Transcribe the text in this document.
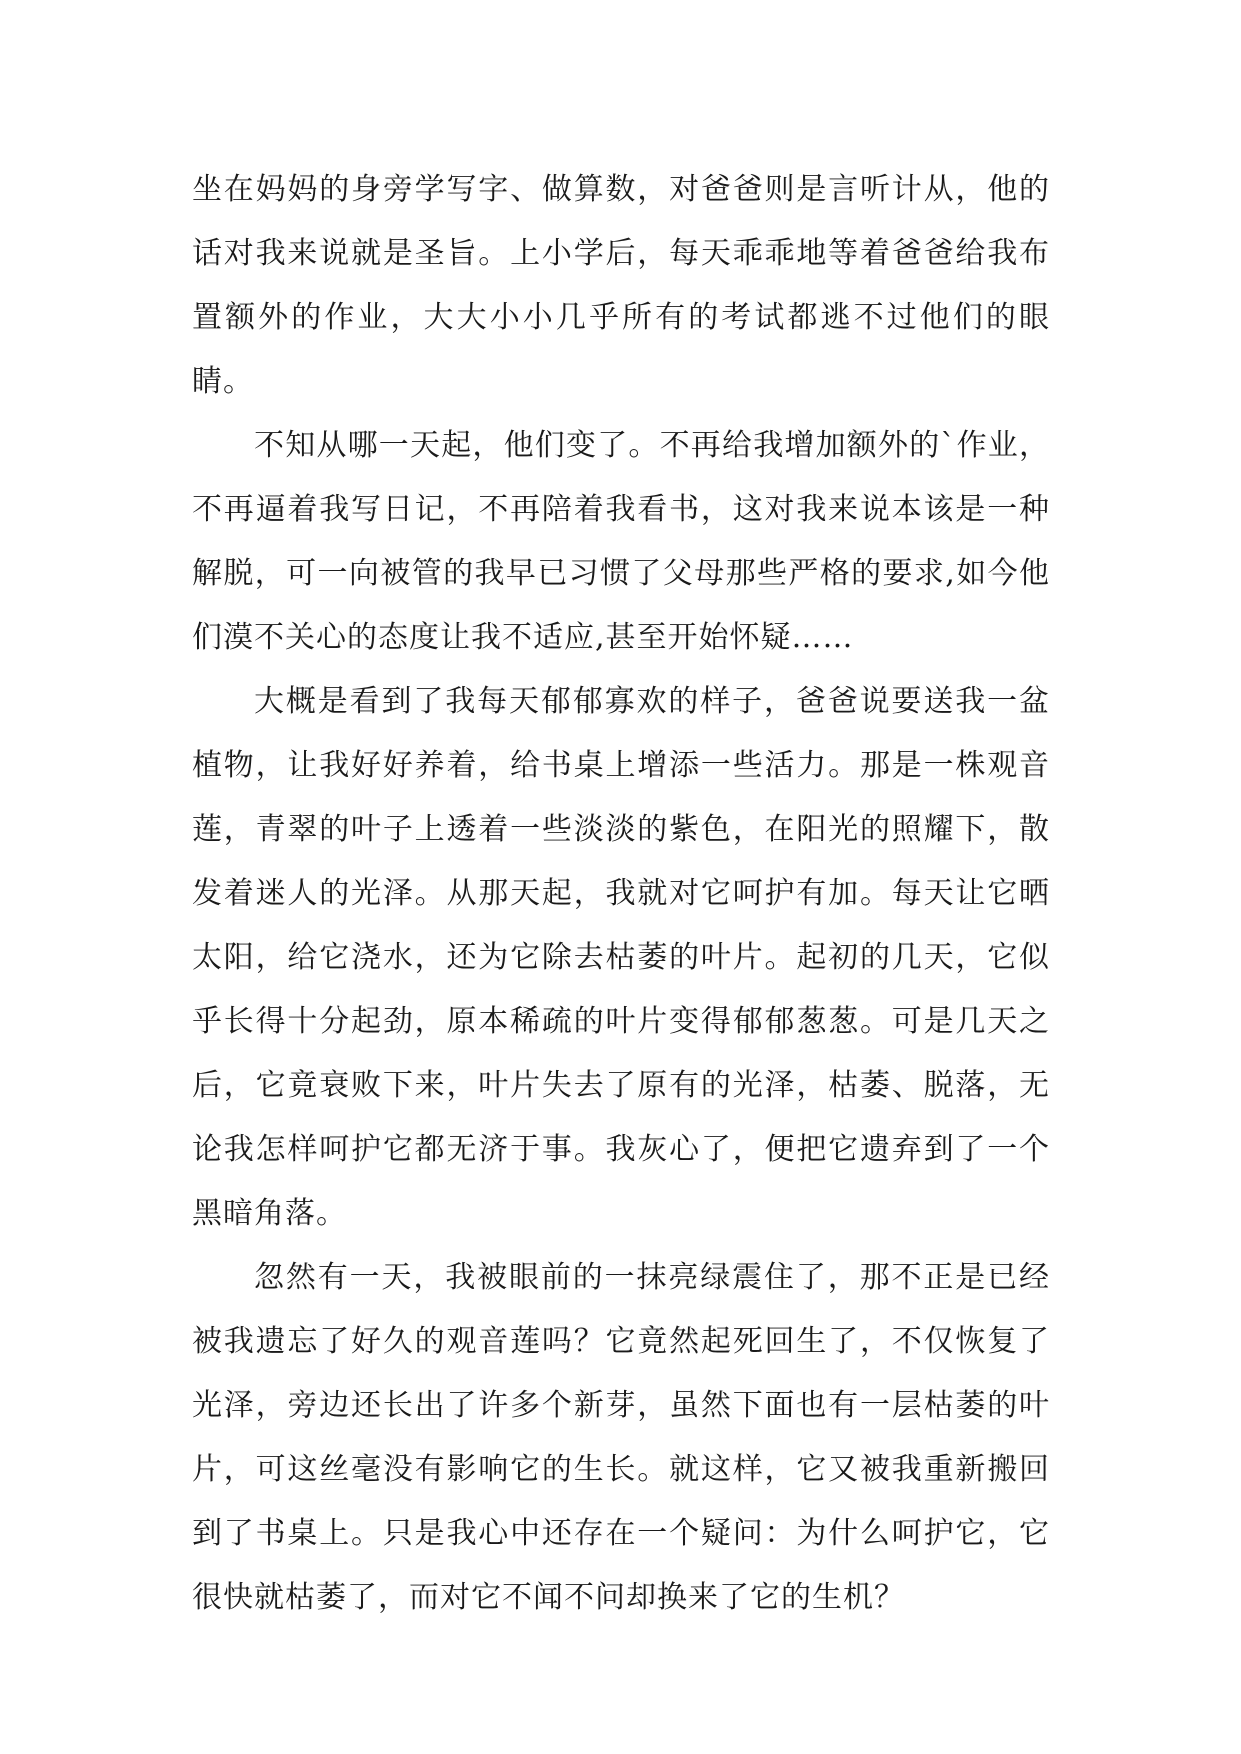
坐在妈妈的身旁学写字、做算数，对爸爸则是言听计从，他的话对我来说就是圣旨。上小学后，每天乖乖地等着爸爸给我布置额外的作业，大大小小几乎所有的考试都逃不过他们的眼睛。

不知从哪一天起，他们变了。不再给我增加额外的`作业，不再逼着我写日记，不再陪着我看书，这对我来说本该是一种解脱，可一向被管的我早已习惯了父母那些严格的要求,如今他们漠不关心的态度让我不适应,甚至开始怀疑……

大概是看到了我每天郁郁寡欢的样子，爸爸说要送我一盆植物，让我好好养着，给书桌上增添一些活力。那是一株观音莲，青翠的叶子上透着一些淡淡的紫色，在阳光的照耀下，散发着迷人的光泽。从那天起，我就对它呵护有加。每天让它晒太阳，给它浇水，还为它除去枯萎的叶片。起初的几天，它似乎长得十分起劲，原本稀疏的叶片变得郁郁葱葱。可是几天之后，它竟衰败下来，叶片失去了原有的光泽，枯萎、脱落，无论我怎样呵护它都无济于事。我灰心了，便把它遗弃到了一个黑暗角落。

忽然有一天，我被眼前的一抹亮绿震住了，那不正是已经被我遗忘了好久的观音莲吗？它竟然起死回生了，不仅恢复了光泽，旁边还长出了许多个新芽，虽然下面也有一层枯萎的叶片，可这丝毫没有影响它的生长。就这样，它又被我重新搬回到了书桌上。只是我心中还存在一个疑问：为什么呵护它，它很快就枯萎了，而对它不闻不问却换来了它的生机？
